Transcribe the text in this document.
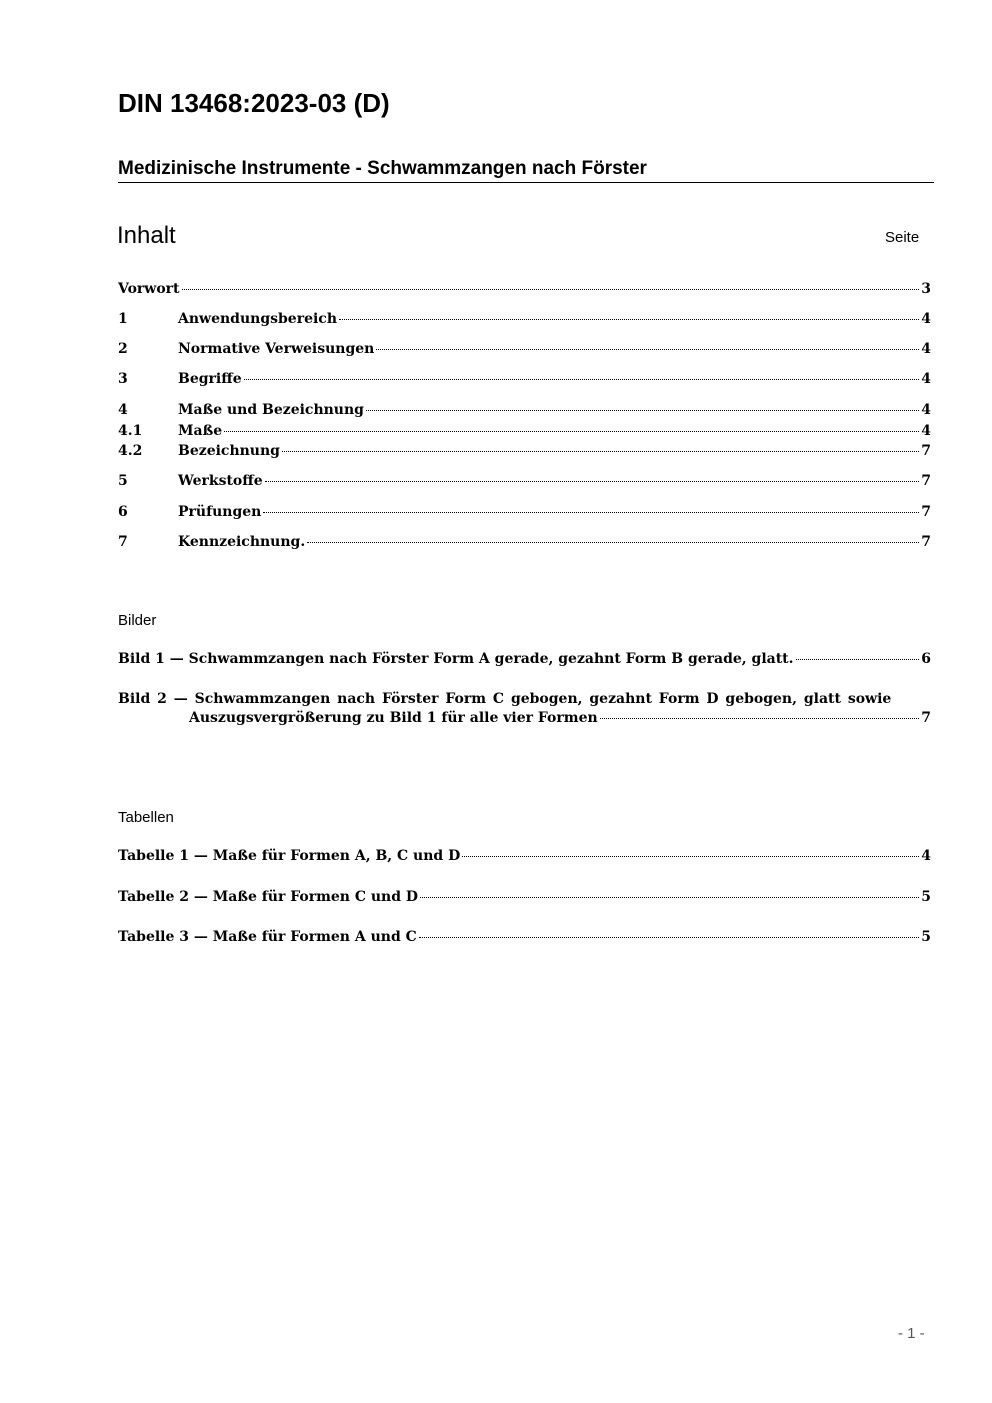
DIN 13468:2023-03 (D)
Medizinische Instrumente - Schwammzangen nach Förster
Inhalt	Seite
Vorwort	3
1	Anwendungsbereich	4
2	Normative Verweisungen	4
3	Begriffe	4
4	Maße und Bezeichnung	4
4.1	Maße	4
4.2	Bezeichnung	7
5	Werkstoffe	7
6	Prüfungen	7
7	Kennzeichnung.	7
Bilder
Bild 1 — Schwammzangen nach Förster Form A gerade, gezahnt Form B gerade, glatt.	6
Bild 2 — Schwammzangen nach Förster Form C gebogen, gezahnt Form D gebogen, glatt sowie
Auszugsvergrößerung zu Bild 1 für alle vier Formen	7
Tabellen
Tabelle 1 — Maße für Formen A, B, C und D	4
Tabelle 2 — Maße für Formen C und D	5
Tabelle 3 — Maße für Formen A und C	5
- 1 -
